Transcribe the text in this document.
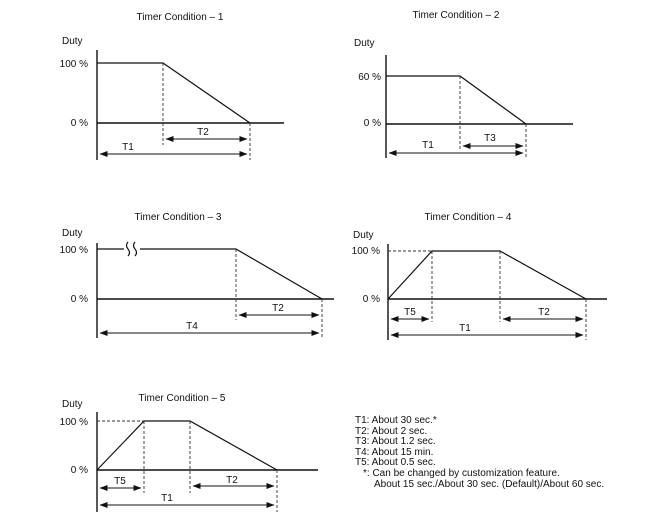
Timer Condition – 1
Duty
100 %
0 %
T2
T1
Timer Condition – 2
Duty
60 %
0 %
T3
T1
Timer Condition – 3
Duty
100 %
0 %
T2
T4
Timer Condition – 4
Duty
100 %
0 %
T5	T2
T1
Timer Condition – 5
Duty
100 %
0 %
T5	T2
T1
T1: About 30 sec.*
T2: About 2 sec.
T3: About 1.2 sec.
T4: About 15 min.
T5: About 0.5 sec.
*: Can be changed by customization feature.
About 15 sec./About 30 sec. (Default)/About 60 sec.
